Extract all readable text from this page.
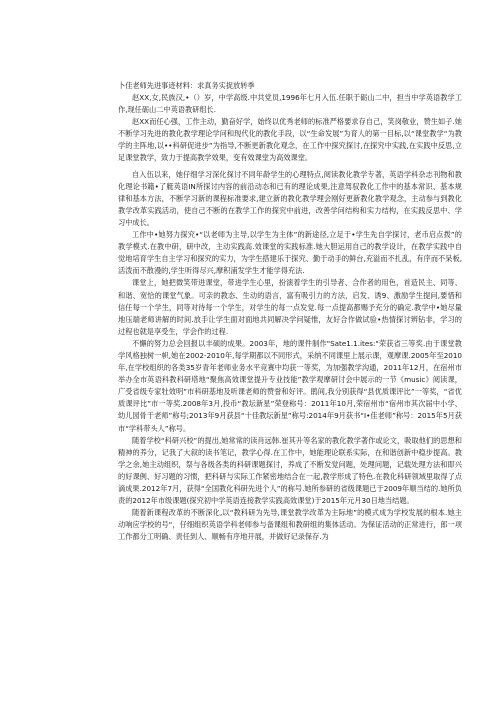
卜佳老师先进事迹材料：求真务实捉放转季

赵XX,女,民族汉,•（）岁，中学高级.中共党员,1996年七月入伍.任职于砺山二中，担当中学英语教学工作,现任砺山二中英语教研组长.

赵XX而任心强，工作主动，勤奋好学，始终以优秀老师的标准严格要求存自己，笑岗敬业，赞生如子.她不断学习先进的教化教学理论学问和现代化的教化手段，以“生命发展”为育人的第一目标,以“课堂教学“为教学的主阵地,以••科研促进步”为指导,不断更新教化观念，在工作中探究探讨,在探究中实践,在实践中反思,立足课堂教学，致力于提高教学效果，变有效课堂为高效课堂。

自入伍以来，她仔细学习深化探讨不同年龄学生的心理特点,阅读教化教学专著，英语学科杂志刊物和教化理论书籍•了艇英语IN所探讨内容的前沿动态和已有的理论成果,注意驾驭教化工作中的基本常识、基本规律和基本方法，不断学习新的课程标准要求,建立新的教化教学理会刚好更新教化教学观念，主动参与到教化教学改革实践活动，使自己不断的在教学工作的探究中前进，改善学问结构和实力结构，在实践反思中、学习中成长。

工作中•她努力探究•“以老师为主导,以学生为主体”的新途径,立足于•学生先自学探讨，老币启点拨”的教学模式.在教中研，研中改，主动实践高.效课堂的实践标准.她大胆运用自己的教学设计，在教学实践中自觉地培育学生自主学习和探究的实力，为学生搭建乐于探究、勤于动手的鲜台,充溢而不扎乱，有序而不呆板,活泼而不散漫的,学生听得尽兴,摩积浦发学生才能学得充法.

课堂上，她把微笑带进课堂，带进学生心里，扮演着学生的引导者、合作者的用色，首造民主、同等、和谐、宽恰的课堂气象。可亲的教态、生动的语言，富有吸引力的方法，启发、诱9、激励学生提问,要惜和信任每一个学生，同等对待每一个学生，对学生的每一点发觉.每一点提高都赐予充分的确定.教学中•她尽量地压端老师讲解的时间.放手让学生面对面地共同解决学问疑惟，友好合作做试验•热情探讨辨钻非，学习的过程也就是享受生，学会作的过程.

不懈的努力总会回报以丰硕的成果。2003年，地的课件制作"Sate1.1.ites:"荣获省三等奖.由于课堂教学风格独树一帜,她在2002-2010年,每学期都以不同形式，采纳不同课里上展示课，观摩课.2005年至2010年,在学校组织的各类35岁青年老师业务水平竞赛中均获一等奖，为加强教学沟通，2011年12月，在宿州市举办全市英语科教科研塔地“聚焦高效课堂提升专业技能”教学观摩研讨会中展示的一节《music》阅读课，广受省级专家牡效明”市科研基地及听课老师的赞誉和好评。鹃间,我分别获得“县优质课评比”一等奖，“省优质课评比”市一等奖.2008年3月,投币“教坛新星”荣登称号：2011年10月,荣宿州市“宿州市其次届中小学、幼儿园骨干老师”称号;2013年9月获县“十佳教坛新星”称号:2014年9月获书“I•佳老师”称号：2015年5月获市“学科带头人”称号。

随着学校“科研兴校”的提出,她常常的读肖远韩.崔其升等名家的教化教学著作或论文，吸取他们的思想和精神的养分，记我了大叙的读书笔记，教学心得.在工作中，她能理论联系实际，在和谐创新中稳步提高。教学之余,她主动组织，祭与各级各类的科研课题探讨，养成了不断发觉问题，处理问题，记载处理方法和即兴的好课例、好习题的习惯，把科研与实际工作紧密地结合在一起,教学形成了特色.在教化科研领域里取得了点滴成果.2012年7月，获得“全国教化科研先进个人”的称号.她所参研的省级课题已于2009年顺当结的.她所负责的2012年市级课题(探究初中学英语连接教学实践高效课堂)于2015年元月30日地当结题。

随着新课程改革的不断深化,以“教科研为先导,课堂教学改革为主际地”的模式成为学校发展的根本.她主动响应学校的号“，仔细组织英语学科老师参与备课组和教研组的集体活动。为保证活动的正常进行，郎一项工作都分工明确、责任到人、顺畅有序地开展，并做好记录保存.为
